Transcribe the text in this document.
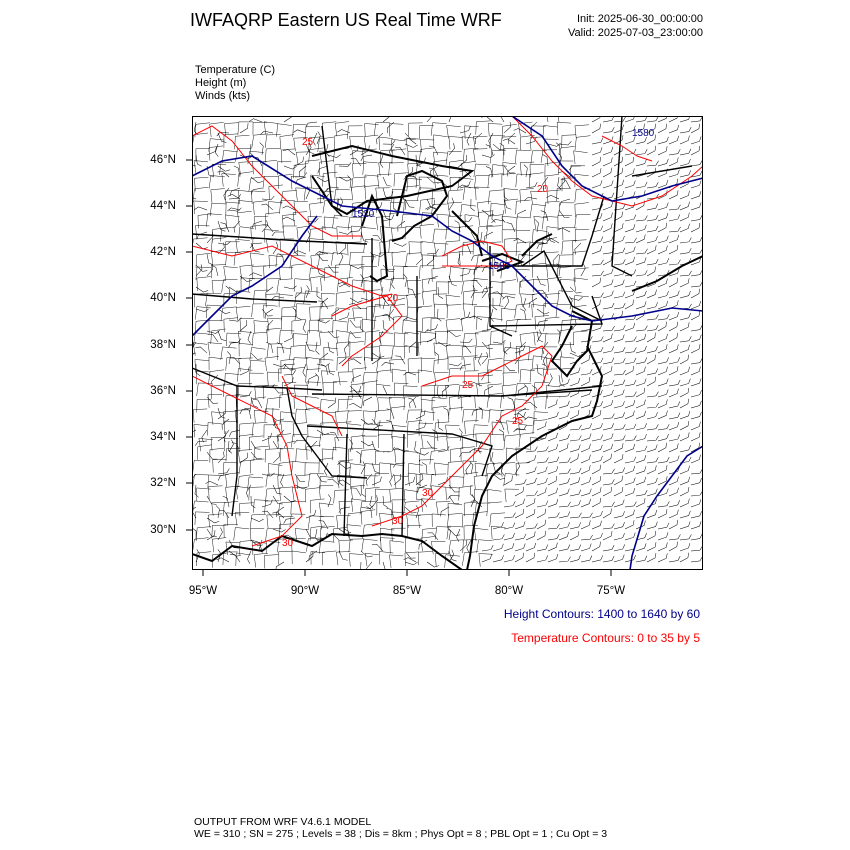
IWFAQRP Eastern US Real Time WRF	Init: 2025-06-30_00:00:00
Valid: 2025-07-03_23:00:00
Temperature (C)
Height (m)
Winds (kts)
1520
1580
1580
20
25
25
25
30
30
30
20
46°N
44°N
42°N
40°N
38°N
36°N
34°N
32°N
30°N
95°W	90°W	85°W	80°W	75°W
Height Contours: 1400 to 1640 by 60
Temperature Contours: 0 to 35 by 5
OUTPUT FROM WRF V4.6.1 MODEL
WE = 310 ; SN = 275 ; Levels = 38 ; Dis = 8km ; Phys Opt = 8 ; PBL Opt = 1 ; Cu Opt = 3
